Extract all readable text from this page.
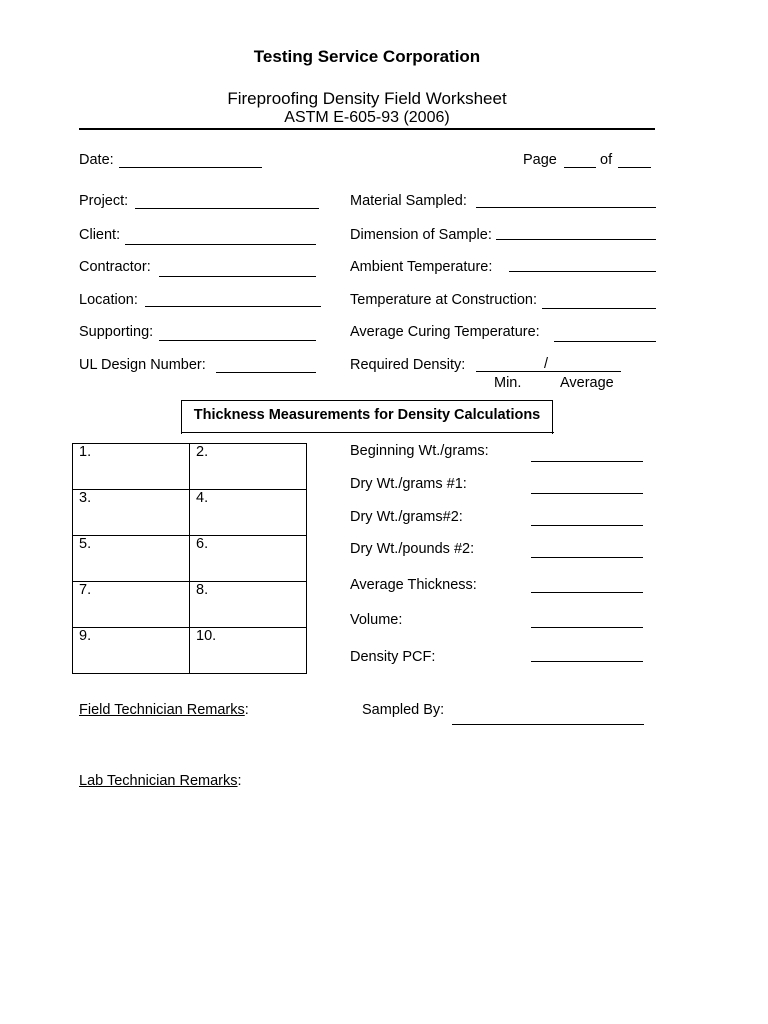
Testing Service Corporation
Fireproofing Density Field Worksheet
ASTM E-605-93 (2006)
Date:	Page	of
Project:
Client:
Contractor:
Location:
Supporting:
UL Design Number:
Material Sampled:
Dimension of Sample:
Ambient Temperature:
Temperature at Construction:
Average Curing Temperature:
Required Density:	/
Min.	Average
Thickness Measurements for Density Calculations
1.	2.
3.	4.
5.	6.
7.	8.
9.	10.
Beginning Wt./grams:
Dry Wt./grams #1:
Dry Wt./grams#2:
Dry Wt./pounds #2:
Average Thickness:
Volume:
Density PCF:
Field Technician Remarks:	Sampled By:
Lab Technician Remarks:
